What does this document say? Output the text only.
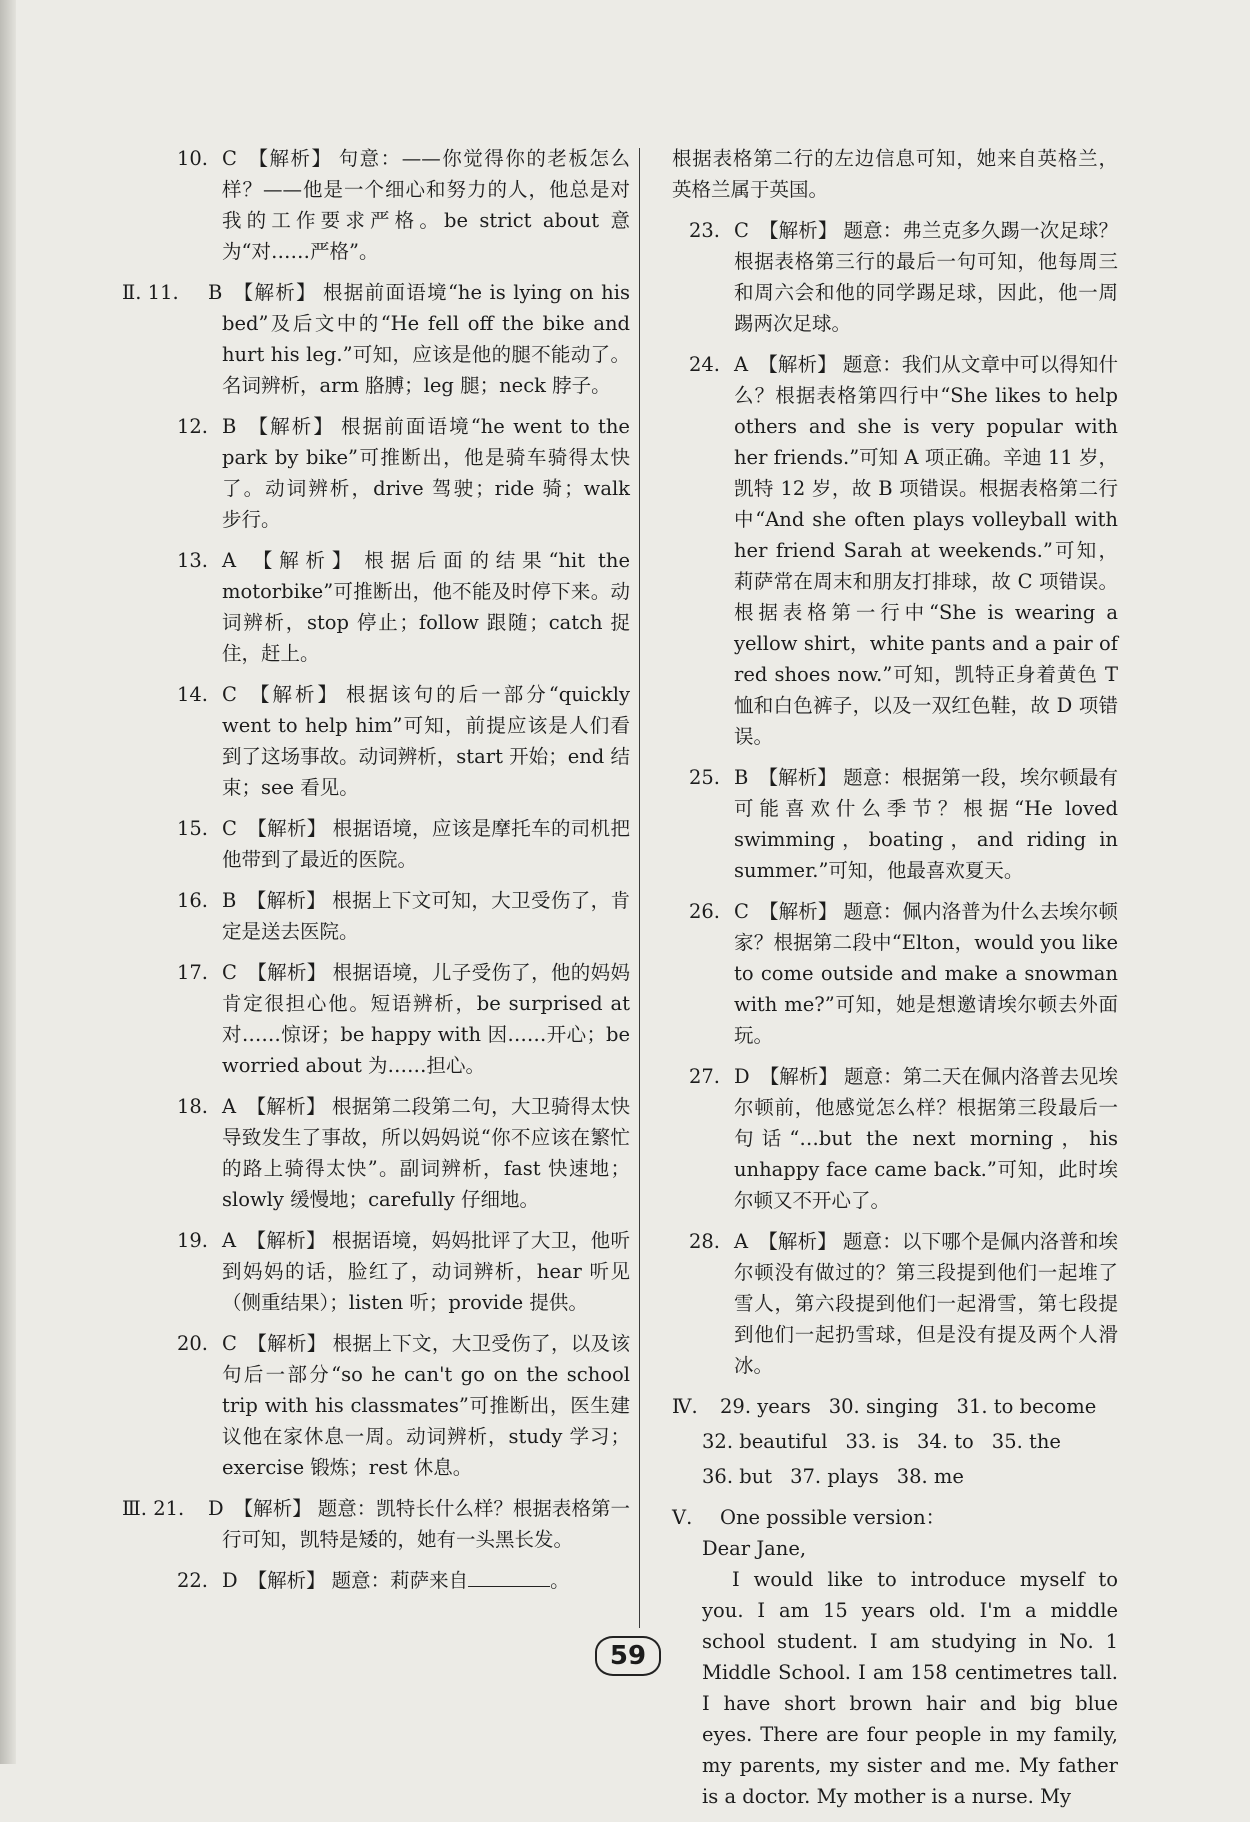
10. C 【解析】 句意：——你觉得你的老板怎么样？——他是一个细心和努力的人，他总是对我的工作要求严格。be strict about 意为“对……严格”。
Ⅱ. 11. B 【解析】 根据前面语境“he is lying on his bed”及后文中的“He fell off the bike and hurt his leg.”可知，应该是他的腿不能动了。名词辨析，arm 胳膊；leg 腿；neck 脖子。
12. B 【解析】 根据前面语境“he went to the park by bike”可推断出，他是骑车骑得太快了。动词辨析，drive 驾驶；ride 骑；walk 步行。
13. A 【解析】 根据后面的结果“hit the motorbike”可推断出，他不能及时停下来。动词辨析，stop 停止；follow 跟随；catch 捉住，赶上。
14. C 【解析】 根据该句的后一部分“quickly went to help him”可知，前提应该是人们看到了这场事故。动词辨析，start 开始；end 结束；see 看见。
15. C 【解析】 根据语境，应该是摩托车的司机把他带到了最近的医院。
16. B 【解析】 根据上下文可知，大卫受伤了，肯定是送去医院。
17. C 【解析】 根据语境，儿子受伤了，他的妈妈肯定很担心他。短语辨析，be surprised at 对……惊讶；be happy with 因……开心；be worried about 为……担心。
18. A 【解析】 根据第二段第二句，大卫骑得太快导致发生了事故，所以妈妈说“你不应该在繁忙的路上骑得太快”。副词辨析，fast 快速地；slowly 缓慢地；carefully 仔细地。
19. A 【解析】 根据语境，妈妈批评了大卫，他听到妈妈的话，脸红了，动词辨析，hear 听见（侧重结果）；listen 听；provide 提供。
20. C 【解析】 根据上下文，大卫受伤了，以及该句后一部分“so he can't go on the school trip with his classmates”可推断出，医生建议他在家休息一周。动词辨析，study 学习；exercise 锻炼；rest 休息。
Ⅲ. 21. D 【解析】 题意：凯特长什么样？根据表格第一行可知，凯特是矮的，她有一头黑长发。
22. D 【解析】 题意：莉萨来自	。
根据表格第二行的左边信息可知，她来自英格兰，英格兰属于英国。
23. C 【解析】 题意：弗兰克多久踢一次足球？根据表格第三行的最后一句可知，他每周三和周六会和他的同学踢足球，因此，他一周踢两次足球。
24. A 【解析】 题意：我们从文章中可以得知什么？根据表格第四行中“She likes to help others and she is very popular with her friends.”可知 A 项正确。辛迪 11 岁，凯特 12 岁，故 B 项错误。根据表格第二行中“And she often plays volleyball with her friend Sarah at weekends.”可知，莉萨常在周末和朋友打排球，故 C 项错误。根据表格第一行中“She is wearing a yellow shirt，white pants and a pair of red shoes now.”可知，凯特正身着黄色 T 恤和白色裤子，以及一双红色鞋，故 D 项错误。
25. B 【解析】 题意：根据第一段，埃尔顿最有可能喜欢什么季节？根据“He loved swimming，boating，and riding in summer.”可知，他最喜欢夏天。
26. C 【解析】 题意：佩内洛普为什么去埃尔顿家？根据第二段中“Elton，would you like to come outside and make a snowman with me?”可知，她是想邀请埃尔顿去外面玩。
27. D 【解析】 题意：第二天在佩内洛普去见埃尔顿前，他感觉怎么样？根据第三段最后一句话“…but the next morning，his unhappy face came back.”可知，此时埃尔顿又不开心了。
28. A 【解析】 题意：以下哪个是佩内洛普和埃尔顿没有做过的？第三段提到他们一起堆了雪人，第六段提到他们一起滑雪，第七段提到他们一起扔雪球，但是没有提及两个人滑冰。
Ⅳ. 29. years 30. singing 31. to become
32. beautiful 33. is 34. to 35. the
36. but 37. plays 38. me

Ⅴ. One possible version：

Dear Jane,

I would like to introduce myself to you. I am 15 years old. I'm a middle school student. I am studying in No. 1 Middle School. I am 158 centimetres tall. I have short brown hair and big blue eyes. There are four people in my family, my parents, my sister and me. My father is a doctor. My mother is a nurse. My

59
